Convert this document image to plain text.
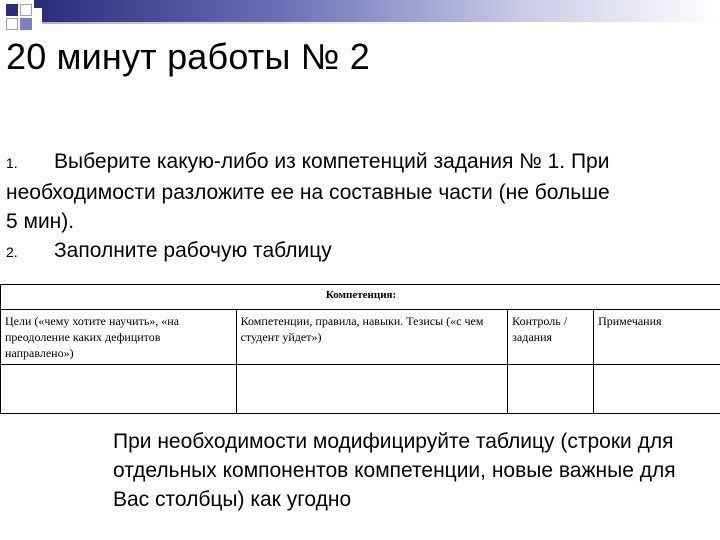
20 минут работы № 2
1. Выберите какую-либо из компетенций задания № 1. При необходимости разложите ее на составные части (не больше 5 мин).
2. Заполните рабочую таблицу
Компетенция:			
Цели («чему хотите научить», «на преодоление каких дефицитов направлено»)	Компетенции, правила, навыки. Тезисы («с чем студент уйдет»)	Контроль / задания	Примечания

При необходимости модифицируйте таблицу (строки для отдельных компонентов компетенции, новые важные для Вас столбцы) как угодно
